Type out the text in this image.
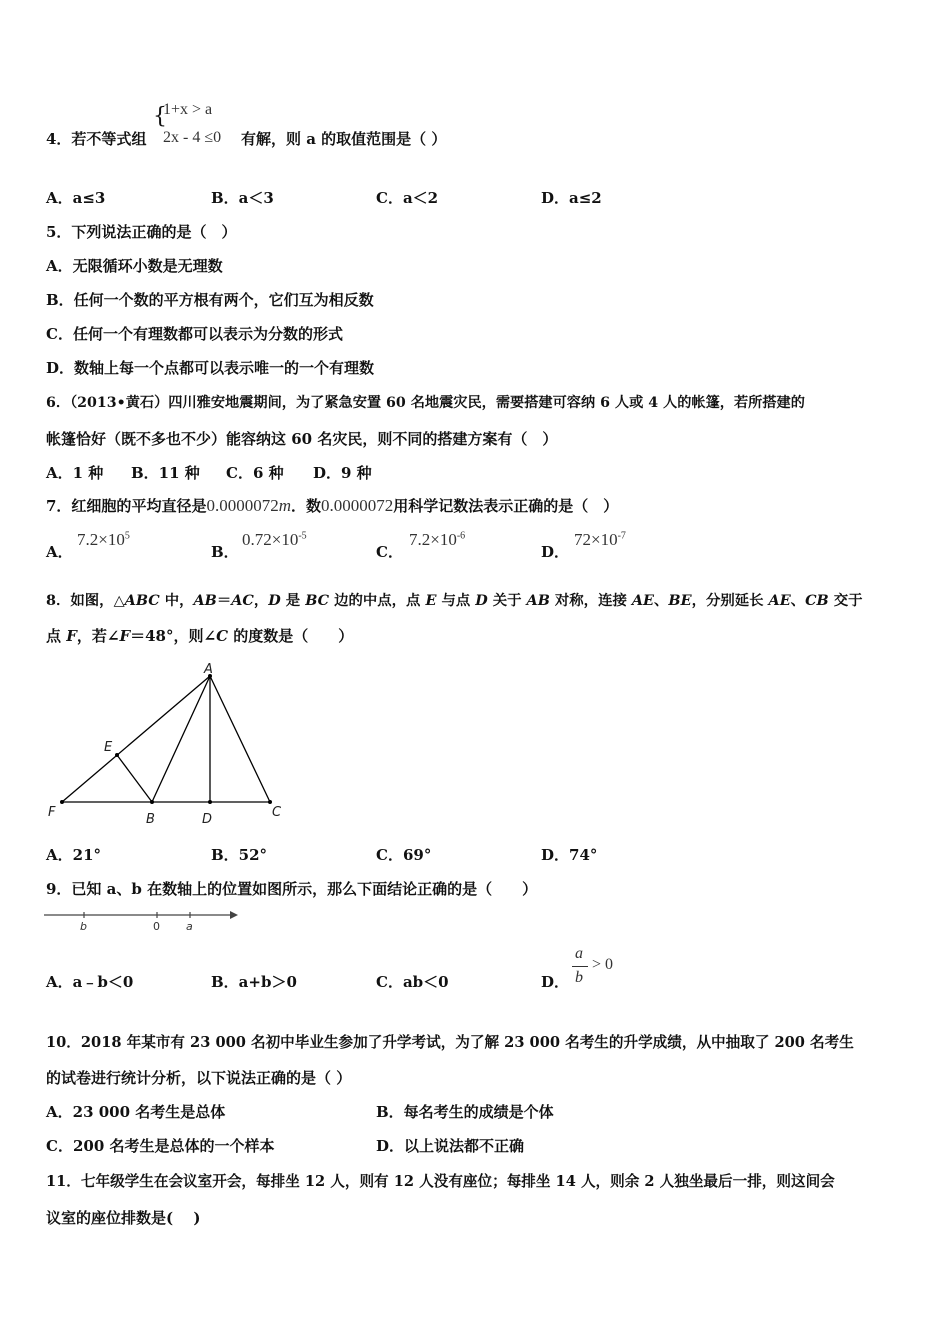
4．若不等式组
{
1+x > a
2x - 4 ≤0 有解，则 a 的取值范围是（ ）
A．a≤3	B．a＜3	C．a＜2	D．a≤2
5．下列说法正确的是（　）
A．无限循环小数是无理数
B．任何一个数的平方根有两个，它们互为相反数
C．任何一个有理数都可以表示为分数的形式
D．数轴上每一个点都可以表示唯一的一个有理数
6．（2013•黄石）四川雅安地震期间，为了紧急安置 60 名地震灾民，需要搭建可容纳 6 人或 4 人的帐篷，若所搭建的
帐篷恰好（既不多也不少）能容纳这 60 名灾民，则不同的搭建方案有（　）
A．1 种 B．11 种 C．6 种 D．9 种
7．红细胞的平均直径是0.0000072m．数0.0000072用科学记数法表示正确的是（　）
A．
$7.2\times 10^5$
B．
$0.72\times 10^{-5}$
C．
$7.2\times 10^{-6}$
D．
$72\times 10^{-7}$
8．如图，△ABC 中，AB＝AC，D 是 BC 边的中点，点 E 与点 D 关于 AB 对称，连接 AE、BE，分别延长 AE、CB 交于
点 F，若∠F＝48°，则∠C 的度数是（　　）
A
E
F	B	D	C
A．21°	B．52°	C．69°	D．74°
9．已知 a、b 在数轴上的位置如图所示，那么下面结论正确的是（　　）
b	0 a
A．a﹣b＜0	B．a+b＞0	C．ab＜0	D．
a
b
> 0
10．2018 年某市有 23 000 名初中毕业生参加了升学考试，为了解 23 000 名考生的升学成绩，从中抽取了 200 名考生
的试卷进行统计分析，以下说法正确的是（ ）
A．23 000 名考生是总体	B．每名考生的成绩是个体
C．200 名考生是总体的一个样本	D．以上说法都不正确
11．七年级学生在会议室开会，每排坐 12 人，则有 12 人没有座位；每排坐 14 人，则余 2 人独坐最后一排，则这间会
议室的座位排数是(　 )
